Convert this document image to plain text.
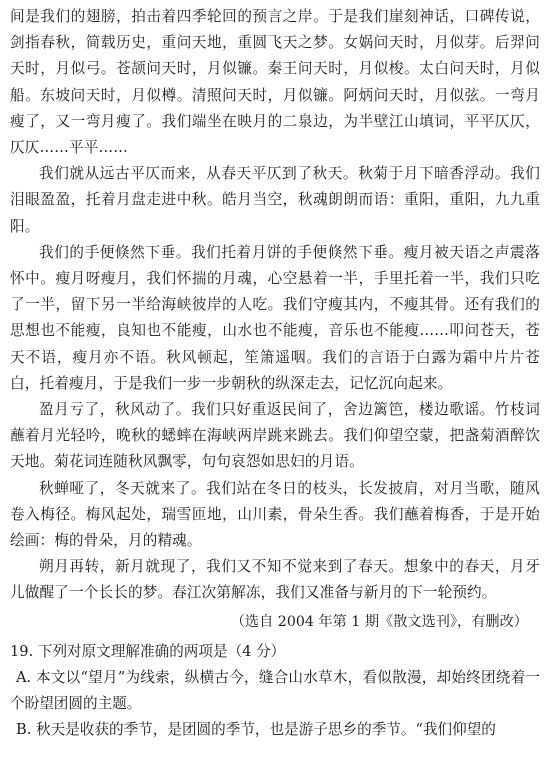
间是我们的翅膀，拍击着四季轮回的预言之岸。于是我们崖刻神话，口碑传说，剑指春秋，简载历史，重问天地，重圆飞天之梦。女娲问天时，月似芽。后羿问天时，月似弓。苍颉问天时，月似镰。秦王问天时，月似梭。太白问天时，月似船。东坡问天时，月似樽。清照问天时，月似镰。阿炳问天时，月似弦。一弯月瘦了，又一弯月瘦了。我们端坐在映月的二泉边，为半壁江山填词，平平仄仄，仄仄……平平……

我们就从远古平仄而来，从春天平仄到了秋天。秋菊于月下暗香浮动。我们泪眼盈盈，托着月盘走进中秋。皓月当空，秋魂朗朗而语：重阳，重阳，九九重阳。

我们的手便倏然下垂。我们托着月饼的手便倏然下垂。瘦月被天语之声震落怀中。瘦月呀瘦月，我们怀揣的月魂，心空悬着一半，手里托着一半，我们只吃了一半，留下另一半给海峡彼岸的人吃。我们守瘦其内，不瘦其骨。还有我们的思想也不能瘦，良知也不能瘦，山水也不能瘦，音乐也不能瘦……叩问苍天，苍天不语，瘦月亦不语。秋风顿起，笙箫遥咽。我们的言语于白露为霜中片片苍白，托着瘦月，于是我们一步一步朝秋的纵深走去，记忆沉向起来。

盈月亏了，秋风动了。我们只好重返民间了，舍边篱笆，楼边歌谣。竹枝词蘸着月光轻吟，晚秋的蟋蟀在海峡两岸跳来跳去。我们仰望空蒙，把盏菊酒醉饮天地。菊花词连随秋风飘零，句句哀怨如思妇的月语。

秋蝉哑了，冬天就来了。我们站在冬日的枝头，长发披肩，对月当歌，随风卷入梅径。梅风起处，瑞雪匝地，山川素，骨朵生香。我们蘸着梅香，于是开始绘画：梅的骨朵，月的精魂。

朔月再转，新月就现了，我们又不知不觉来到了春天。想象中的春天，月牙儿做醒了一个长长的梦。春江次第解冻，我们又准备与新月的下一轮预约。

（选自 2004 年第 1 期《散文选刊》，有删改）

19. 下列对原文理解准确的两项是（4 分）

A. 本文以“望月”为线索，纵横古今，缝合山水草木，看似散漫，却始终团绕着一个盼望团圆的主题。

B. 秋天是收获的季节，是团圆的季节，也是游子思乡的季节。“我们仰望的
